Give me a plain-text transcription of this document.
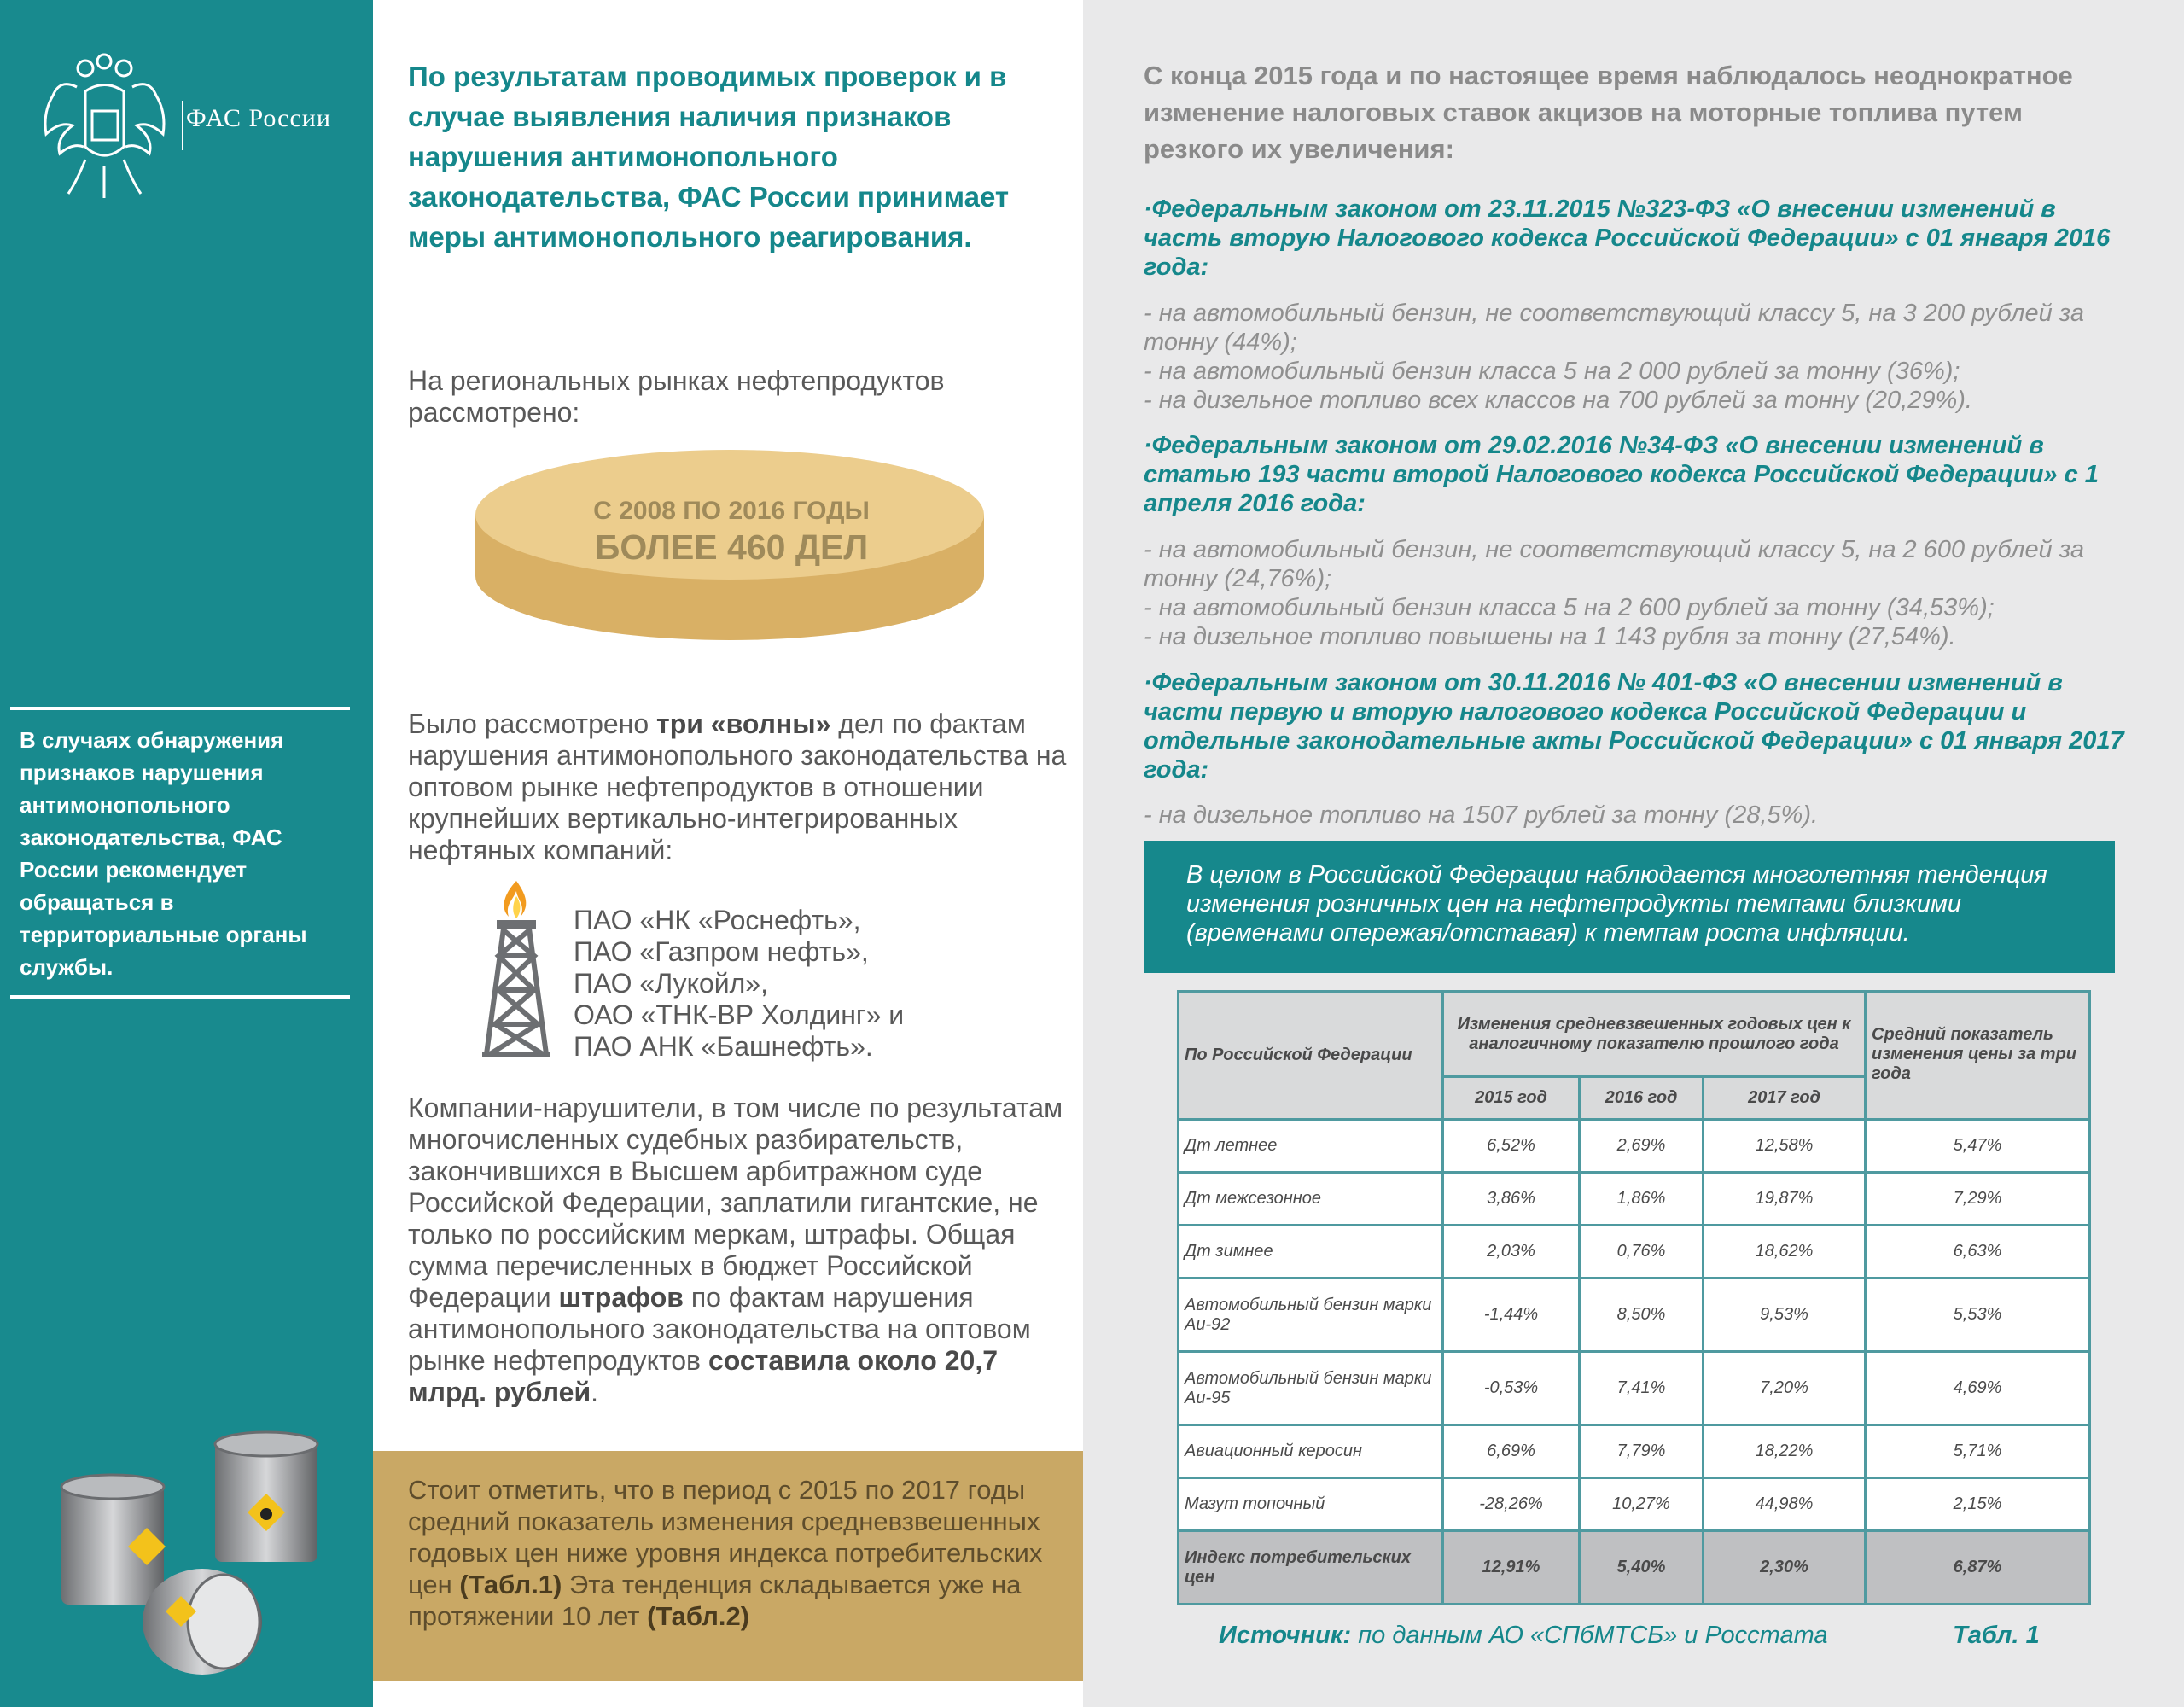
ФАС России
В случаях обнаружения признаков нарушения антимонопольного законодательства, ФАС России рекомендует обращаться в территориальные органы службы.
По результатам проводимых проверок и в случае выявления наличия признаков нарушения антимонопольного законодательства, ФАС России принимает меры антимонопольного реагирования.
На региональных рынках нефтепродуктов рассмотрено:
С 2008 ПО 2016 ГОДЫ
БОЛЕЕ 460 ДЕЛ
Было рассмотрено три «волны» дел по фактам нарушения антимонопольного законодательства на оптовом рынке нефтепродуктов в отношении крупнейших вертикально-интегрированных нефтяных компаний:
ПАО «НК «Роснефть»,
ПАО «Газпром нефть»,
ПАО «Лукойл»,
ОАО «ТНК-ВР Холдинг» и
ПАО АНК «Башнефть».
Компании-нарушители, в том числе по результатам многочисленных судебных разбирательств, закончившихся в Высшем арбитражном суде Российской Федерации, заплатили гигантские, не только по российским меркам, штрафы. Общая сумма перечисленных в бюджет Российской Федерации штрафов по фактам нарушения антимонопольного законодательства на оптовом рынке нефтепродуктов составила около 20,7 млрд. рублей.
Стоит отметить, что в период с 2015 по 2017 годы средний показатель изменения средневзвешенных годовых цен ниже уровня индекса потребительских цен (Табл.1) Эта тенденция складывается уже на протяжении 10 лет (Табл.2)
С конца 2015 года и по настоящее время наблюдалось неоднократное изменение налоговых ставок акцизов на моторные топлива путем резкого их увеличения:
·Федеральным законом от 23.11.2015 №323-ФЗ «О внесении изменений в часть вторую Налогового кодекса Российской Федерации» с 01 января 2016 года:
- на автомобильный бензин, не соответствующий классу 5, на 3 200 рублей за тонну (44%);
- на автомобильный бензин класса 5 на 2 000 рублей за тонну (36%);
- на дизельное топливо всех классов на 700 рублей за тонну (20,29%).
·Федеральным законом от 29.02.2016 №34-ФЗ «О внесении изменений в статью 193 части второй Налогового кодекса Российской Федерации» с 1 апреля 2016 года:
- на автомобильный бензин, не соответствующий классу 5, на 2 600 рублей за тонну (24,76%);
- на автомобильный бензин класса 5 на 2 600 рублей за тонну (34,53%);
- на дизельное топливо повышены на 1 143 рубля за тонну (27,54%).
·Федеральным законом от 30.11.2016 № 401-ФЗ «О внесении изменений в части первую и вторую налогового кодекса Российской Федерации и отдельные законодательные акты Российской Федерации» с 01 января 2017 года:
- на дизельное топливо на 1507 рублей за тонну (28,5%).
В целом в Российской Федерации наблюдается многолетняя тенденция изменения розничных цен на нефтепродукты темпами близкими (временами опережая/отставая) к темпам роста инфляции.
По Российской Федерации	Изменения средневзвешенных годовых цен к аналогичному показателю прошлого года			Средний показатель изменения цены за три года
	2015 год	2016 год	2017 год	
Дт летнее	6,52%	2,69%	12,58%	5,47%
Дт межсезонное	3,86%	1,86%	19,87%	7,29%
Дт зимнее	2,03%	0,76%	18,62%	6,63%
Автомобильный бензин марки Аи-92	-1,44%	8,50%	9,53%	5,53%
Автомобильный бензин марки Аи-95	-0,53%	7,41%	7,20%	4,69%
Авиационный керосин	6,69%	7,79%	18,22%	5,71%
Мазут топочный	-28,26%	10,27%	44,98%	2,15%
Индекс потребительских цен	12,91%	5,40%	2,30%	6,87%
Источник: по данным АО «СПбМТСБ» и Росстата	Табл. 1
